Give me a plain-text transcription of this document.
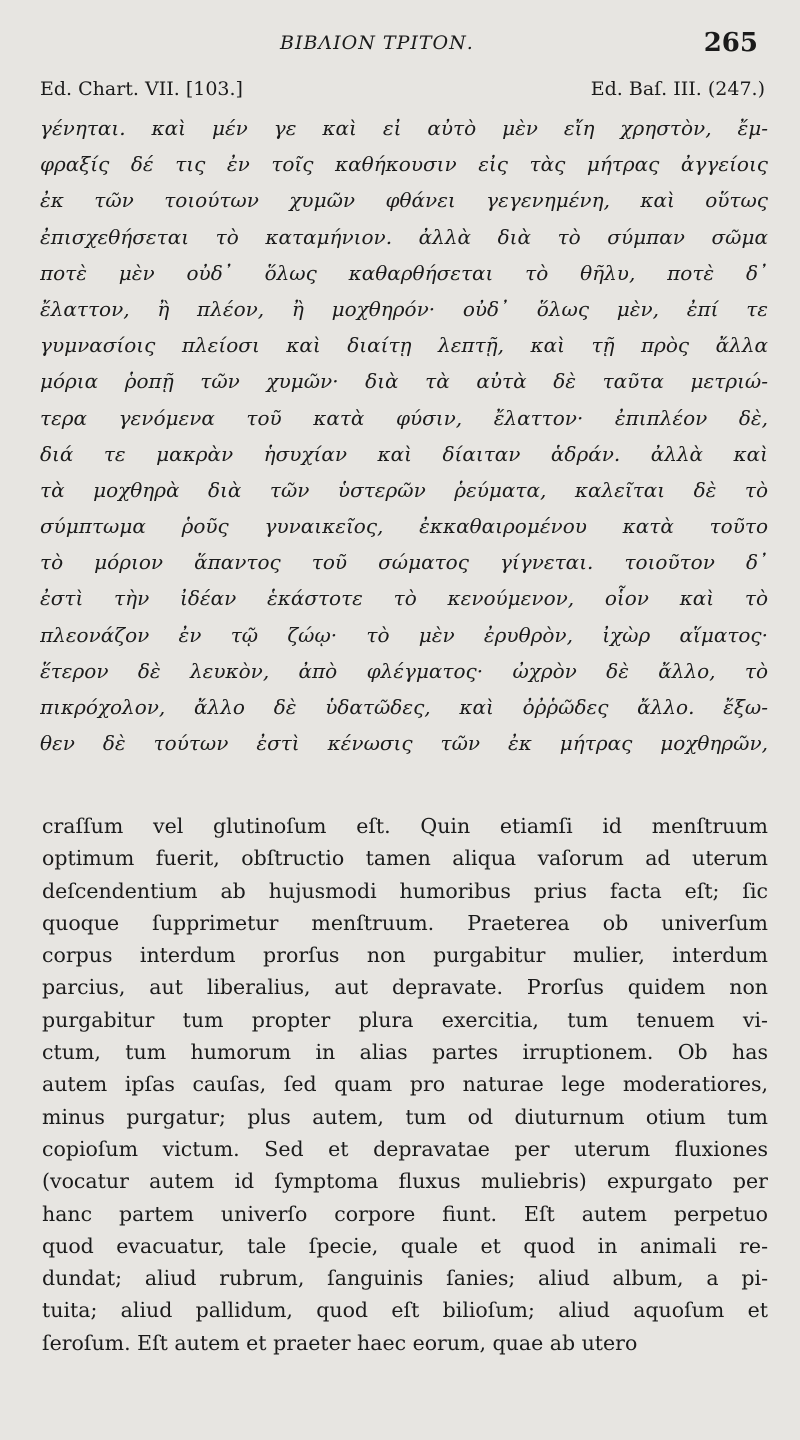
ΒΙΒΛΙΟΝ ΤΡΙΤΟΝ.	265
Ed. Chart. VII. [103.]	Ed. Baſ. III. (247.)
γένηται. καὶ μέν γε καὶ εἰ αὐτὸ μὲν εἴη χρηστὸν, ἔμ-
φραξίς δέ τις ἐν τοῖς καθήκουσιν εἰς τὰς μήτρας ἀγγείοις
ἐκ τῶν τοιούτων χυμῶν φθάνει γεγενημένη, καὶ οὕτως
ἐπισχεθήσεται τὸ καταμήνιον. ἀλλὰ διὰ τὸ σύμπαν σῶμα
ποτὲ μὲν οὐδ᾽ ὅλως καθαρθήσεται τὸ θῆλυ, ποτὲ δ᾽
ἔλαττον, ἢ πλέον, ἢ μοχθηρόν· οὐδ᾽ ὅλως μὲν, ἐπί τε
γυμνασίοις πλείοσι καὶ διαίτῃ λεπτῇ, καὶ τῇ πρὸς ἄλλα
μόρια ῥοπῇ τῶν χυμῶν· διὰ τὰ αὐτὰ δὲ ταῦτα μετριώ-
τερα γενόμενα τοῦ κατὰ φύσιν, ἔλαττον· ἐπιπλέον δὲ,
διά τε μακρὰν ἡσυχίαν καὶ δίαιταν ἁδράν. ἀλλὰ καὶ
τὰ μοχθηρὰ διὰ τῶν ὑστερῶν ῥεύματα, καλεῖται δὲ τὸ
σύμπτωμα ῥοῦς γυναικεῖος, ἐκκαθαιρομένου κατὰ τοῦτο
τὸ μόριον ἅπαντος τοῦ σώματος γίγνεται. τοιοῦτον δ᾽
ἐστὶ τὴν ἰδέαν ἑκάστοτε τὸ κενούμενον, οἷον καὶ τὸ
πλεονάζον ἐν τῷ ζώῳ· τὸ μὲν ἐρυθρὸν, ἰχὼρ αἵματος·
ἕτερον δὲ λευκὸν, ἀπὸ φλέγματος· ὠχρὸν δὲ ἄλλο, τὸ
πικρόχολον, ἄλλο δὲ ὑδατῶδες, καὶ ὀῤῥῶδες ἄλλο. ἔξω-
θεν δὲ τούτων ἐστὶ κένωσις τῶν ἐκ μήτρας μοχθηρῶν,
craſſum vel glutinoſum eſt. Quin etiamſi id menſtruum
optimum fuerit, obſtructio tamen aliqua vaſorum ad uterum
deſcendentium ab hujusmodi humoribus prius facta eſt; ſic
quoque ſupprimetur menſtruum. Praeterea ob univerſum
corpus interdum prorſus non purgabitur mulier, interdum
parcius, aut liberalius, aut depravate. Prorſus quidem non
purgabitur tum propter plura exercitia, tum tenuem vi-
ctum, tum humorum in alias partes irruptionem. Ob has
autem ipſas cauſas, ſed quam pro naturae lege moderatiores,
minus purgatur; plus autem, tum od diuturnum otium tum
copioſum victum. Sed et depravatae per uterum fluxiones
(vocatur autem id ſymptoma fluxus muliebris) expurgato per
hanc partem univerſo corpore fiunt. Eſt autem perpetuo
quod evacuatur, tale ſpecie, quale et quod in animali re-
dundat; aliud rubrum, ſanguinis ſanies; aliud album, a pi-
tuita; aliud pallidum, quod eſt bilioſum; aliud aquoſum et
ſeroſum. Eſt autem et praeter haec eorum, quae ab utero
